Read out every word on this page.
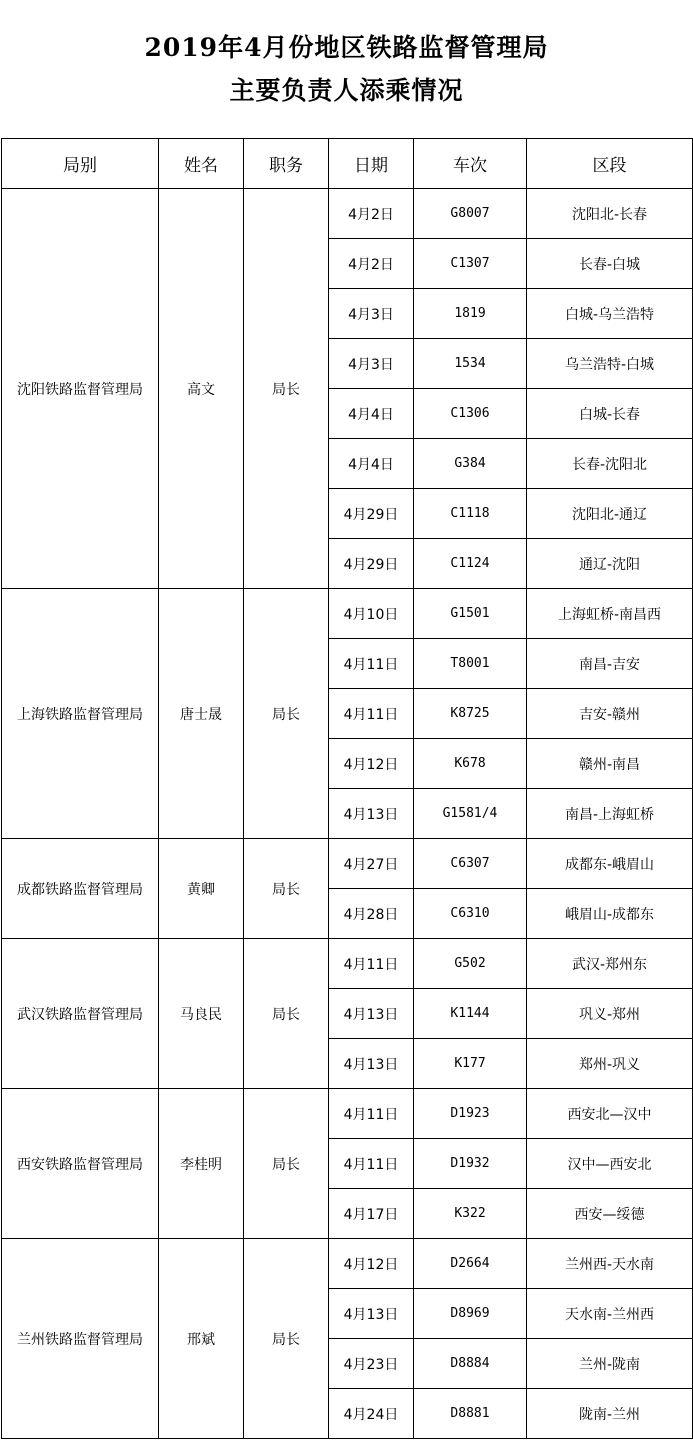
2019年4月份地区铁路监督管理局
主要负责人添乘情况
局别	姓名	职务	日期	车次	区段
沈阳铁路监督管理局	高文	局长	4月2日	G8007	沈阳北-长春
			4月2日	C1307	长春-白城
			4月3日	1819	白城-乌兰浩特
			4月3日	1534	乌兰浩特-白城
			4月4日	C1306	白城-长春
			4月4日	G384	长春-沈阳北
			4月29日	C1118	沈阳北-通辽
			4月29日	C1124	通辽-沈阳
上海铁路监督管理局	唐士晟	局长	4月10日	G1501	上海虹桥-南昌西
			4月11日	T8001	南昌-吉安
			4月11日	K8725	吉安-赣州
			4月12日	K678	赣州-南昌
			4月13日	G1581/4	南昌-上海虹桥
成都铁路监督管理局	黄卿	局长	4月27日	C6307	成都东-峨眉山
			4月28日	C6310	峨眉山-成都东
武汉铁路监督管理局	马良民	局长	4月11日	G502	武汉-郑州东
			4月13日	K1144	巩义-郑州
			4月13日	K177	郑州-巩义
西安铁路监督管理局	李桂明	局长	4月11日	D1923	西安北—汉中
			4月11日	D1932	汉中—西安北
			4月17日	K322	西安—绥德
兰州铁路监督管理局	邢斌	局长	4月12日	D2664	兰州西-天水南
			4月13日	D8969	天水南-兰州西
			4月23日	D8884	兰州-陇南
			4月24日	D8881	陇南-兰州
